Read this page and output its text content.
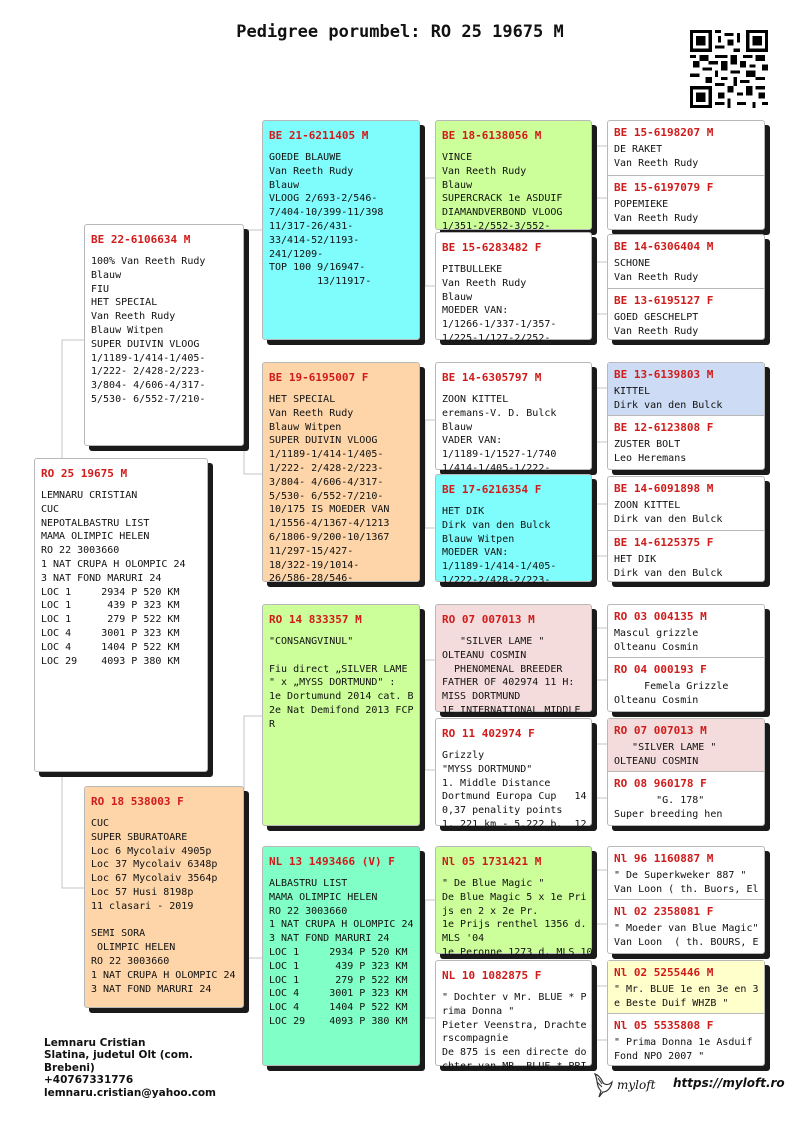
Pedigree porumbel: RO 25 19675 M
RO 25 19675 M
LEMNARU CRISTIAN
CUC
NEPOTALBASTRU LIST
MAMA OLIMPIC HELEN
RO 22 3003660
1 NAT CRUPA H OLOMPIC 24
3 NAT FOND MARURI 24
LOC 1     2934 P 520 KM
LOC 1      439 P 323 KM
LOC 1      279 P 522 KM
LOC 4     3001 P 323 KM
LOC 4     1404 P 522 KM
LOC 29    4093 P 380 KM
BE 22-6106634 M
100% Van Reeth Rudy
Blauw
FIU
HET SPECIAL
Van Reeth Rudy
Blauw Witpen
SUPER DUIVIN VLOOG
1/1189-1/414-1/405-
1/222- 2/428-2/223-
3/804- 4/606-4/317-
5/530- 6/552-7/210-
RO 18 538003 F
CUC
SUPER SBURATOARE
Loc 6 Mycolaiv 4905p
Loc 37 Mycolaiv 6348p
Loc 67 Mycolaiv 3564p
Loc 57 Husi 8198p
11 clasari - 2019

SEMI SORA
OLIMPIC HELEN
RO 22 3003660
1 NAT CRUPA H OLOMPIC 24
3 NAT FOND MARURI 24
BE 21-6211405 M
GOEDE BLAUWE
Van Reeth Rudy
Blauw
VLOOG 2/693-2/546-
7/404-10/399-11/398
11/317-26/431-
33/414-52/1193-
241/1209-
TOP 100 9/16947-
13/11917-
BE 19-6195007 F
HET SPECIAL
Van Reeth Rudy
Blauw Witpen
SUPER DUIVIN VLOOG
1/1189-1/414-1/405-
1/222- 2/428-2/223-
3/804- 4/606-4/317-
5/530- 6/552-7/210-
10/175 IS MOEDER VAN
1/1556-4/1367-4/1213
6/1806-9/200-10/1367
11/297-15/427-
18/322-19/1014-
26/586-28/546-
RO 14 833357 M
"CONSANGVINUL"

Fiu direct „SILVER LAME
" x „MYSS DORTMUND" :
1e Dortumund 2014 cat. B
2e Nat Demifond 2013 FCP
R
NL 13 1493466 (V) F
ALBASTRU LIST
MAMA OLIMPIC HELEN
RO 22 3003660
1 NAT CRUPA H OLOMPIC 24
3 NAT FOND MARURI 24
LOC 1     2934 P 520 KM
LOC 1      439 P 323 KM
LOC 1      279 P 522 KM
LOC 4     3001 P 323 KM
LOC 4     1404 P 522 KM
LOC 29    4093 P 380 KM
BE 18-6138056 M
VINCE
Van Reeth Rudy
Blauw
SUPERCRACK 1e ASDUIF
DIAMANDVERBOND VLOOG
1/351-2/552-3/552-
BE 15-6283482 F
PITBULLEKE
Van Reeth Rudy
Blauw
MOEDER VAN:
1/1266-1/337-1/357-
1/225-1/127-2/252-
BE 14-6305797 M
ZOON KITTEL
eremans-V. D. Bulck
Blauw
VADER VAN:
1/1189-1/1527-1/740
1/414-1/405-1/222-
BE 17-6216354 F
HET DIK
Dirk van den Bulck
Blauw Witpen
MOEDER VAN:
1/1189-1/414-1/405-
1/222-2/428-2/223-
RO 07 007013 M
"SILVER LAME "
OLTEANU COSMIN
PHENOMENAL BREEDER
FATHER OF 402974 11 H:
MISS DORTMUND
1E INTERNATIONAL MIDDLE
RO 11 402974 F
Grizzly
"MYSS DORTMUND"
1. Middle Distance
Dortmund Europa Cup   14
0,37 penality points
1. 221 km - 5.222 b.  12
Nl 05 1731421 M
" De Blue Magic "
De Blue Magic 5 x 1e Pri
js en 2 x 2e Pr.
1e Prijs renthel 1356 d.
MLS '04
1e Peronne 1273 d. MLS 10
NL 10 1082875 F
" Dochter v Mr. BLUE * P
rima Donna "
Pieter Veenstra, Drachte
rscompagnie
De 875 is een directe do
chter van MR. BLUE * PRI
BE 15-6198207 M
DE RAKET
Van Reeth Rudy
BE 15-6197079 F
POPEMIEKE
Van Reeth Rudy
BE 14-6306404 M
SCHONE
Van Reeth Rudy
BE 13-6195127 F
GOED GESCHELPT
Van Reeth Rudy
BE 13-6139803 M
KITTEL
Dirk van den Bulck
BE 12-6123808 F
ZUSTER BOLT
Leo Heremans
BE 14-6091898 M
ZOON KITTEL
Dirk van den Bulck
BE 14-6125375 F
HET DIK
Dirk van den Bulck
RO 03 004135 M
Mascul grizzle
Olteanu Cosmin
RO 04 000193 F
Femela Grizzle
Olteanu Cosmin
RO 07 007013 M
"SILVER LAME "
OLTEANU COSMIN
RO 08 960178 F
"G. 178"
Super breeding hen
Nl 96 1160887 M
" De Superkweker 887 "
Van Loon ( th. Buors, El
Nl 02 2358081 F
" Moeder van Blue Magic"
Van Loon  ( th. BOURS, E
Nl 02 5255446 M
" Mr. BLUE 1e en 3e en 3
e Beste Duif WHZB "
Nl 05 5535808 F
" Prima Donna 1e Asduif
Fond NPO 2007 "
Lemnaru Cristian
Slatina, judetul Olt (com.
Brebeni)
+40767331776
lemnaru.cristian@yahoo.com
myloft https://myloft.ro
